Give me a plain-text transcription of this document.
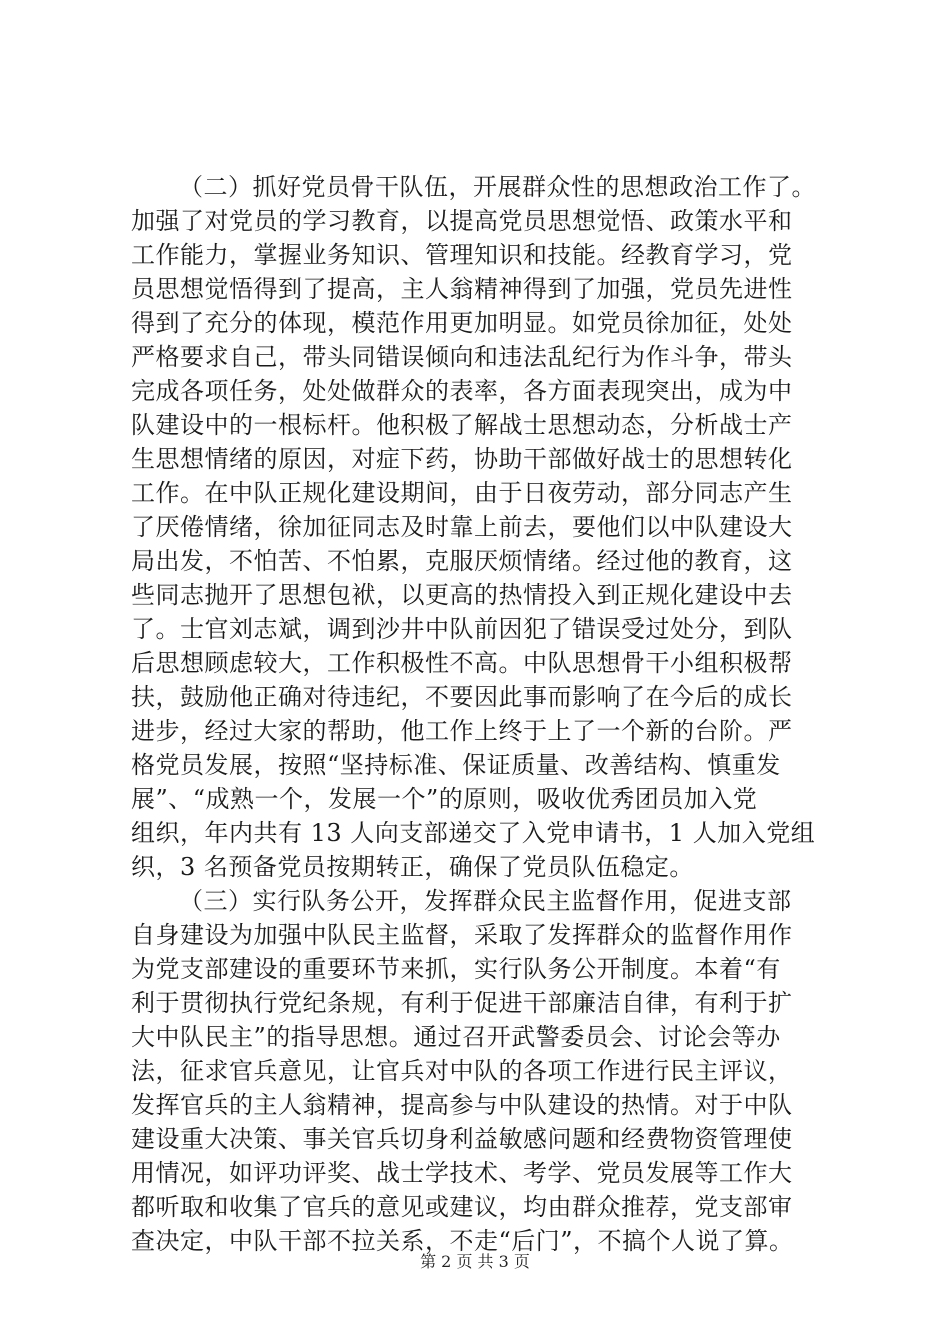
（二）抓好党员骨干队伍，开展群众性的思想政治工作了。
加强了对党员的学习教育，以提高党员思想觉悟、政策水平和
工作能力，掌握业务知识、管理知识和技能。经教育学习，党
员思想觉悟得到了提高，主人翁精神得到了加强，党员先进性
得到了充分的体现，模范作用更加明显。如党员徐加征，处处
严格要求自己，带头同错误倾向和违法乱纪行为作斗争，带头
完成各项任务，处处做群众的表率，各方面表现突出，成为中
队建设中的一根标杆。他积极了解战士思想动态，分析战士产
生思想情绪的原因，对症下药，协助干部做好战士的思想转化
工作。在中队正规化建设期间，由于日夜劳动，部分同志产生
了厌倦情绪，徐加征同志及时靠上前去，要他们以中队建设大
局出发，不怕苦、不怕累，克服厌烦情绪。经过他的教育，这
些同志抛开了思想包袱，以更高的热情投入到正规化建设中去
了。士官刘志斌，调到沙井中队前因犯了错误受过处分，到队
后思想顾虑较大，工作积极性不高。中队思想骨干小组积极帮
扶，鼓励他正确对待违纪，不要因此事而影响了在今后的成长
进步，经过大家的帮助，他工作上终于上了一个新的台阶。严
格党员发展，按照“坚持标准、保证质量、改善结构、慎重发
展”、“成熟一个，发展一个”的原则，吸收优秀团员加入党
组织，年内共有 13 人向支部递交了入党申请书，1 人加入党组
织，3 名预备党员按期转正，确保了党员队伍稳定。
（三）实行队务公开，发挥群众民主监督作用，促进支部
自身建设为加强中队民主监督，采取了发挥群众的监督作用作
为党支部建设的重要环节来抓，实行队务公开制度。本着“有
利于贯彻执行党纪条规，有利于促进干部廉洁自律，有利于扩
大中队民主”的指导思想。通过召开武警委员会、讨论会等办
法，征求官兵意见，让官兵对中队的各项工作进行民主评议，
发挥官兵的主人翁精神，提高参与中队建设的热情。对于中队
建设重大决策、事关官兵切身利益敏感问题和经费物资管理使
用情况，如评功评奖、战士学技术、考学、党员发展等工作大
都听取和收集了官兵的意见或建议，均由群众推荐，党支部审
查决定，中队干部不拉关系，不走“后门”，不搞个人说了算。
第 2 页 共 3 页
